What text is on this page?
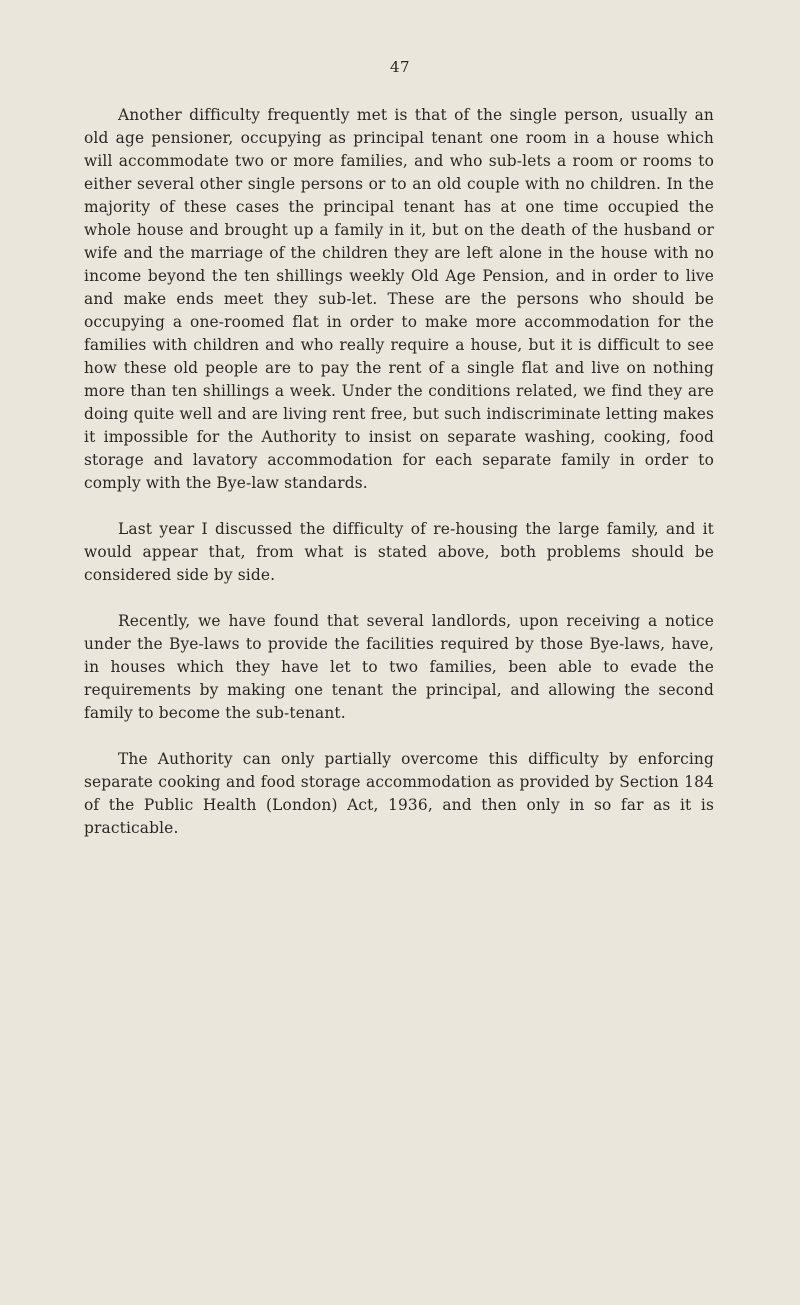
47

Another difficulty frequently met is that of the single person, usually an old age pensioner, occupying as principal tenant one room in a house which will accommodate two or more families, and who sub-lets a room or rooms to either several other single persons or to an old couple with no children. In the majority of these cases the principal tenant has at one time occupied the whole house and brought up a family in it, but on the death of the husband or wife and the marriage of the children they are left alone in the house with no income beyond the ten shillings weekly Old Age Pension, and in order to live and make ends meet they sub-let. These are the persons who should be occupying a one-roomed flat in order to make more accommodation for the families with children and who really require a house, but it is difficult to see how these old people are to pay the rent of a single flat and live on nothing more than ten shillings a week. Under the conditions related, we find they are doing quite well and are living rent free, but such indiscriminate letting makes it impossible for the Authority to insist on separate washing, cooking, food storage and lavatory accommodation for each separate family in order to comply with the Bye-law standards.

Last year I discussed the difficulty of re-housing the large family, and it would appear that, from what is stated above, both problems should be considered side by side.

Recently, we have found that several landlords, upon receiving a notice under the Bye-laws to provide the facilities required by those Bye-laws, have, in houses which they have let to two families, been able to evade the requirements by making one tenant the principal, and allowing the second family to become the sub-tenant.

The Authority can only partially overcome this difficulty by enforcing separate cooking and food storage accommodation as provided by Section 184 of the Public Health (London) Act, 1936, and then only in so far as it is practicable.
